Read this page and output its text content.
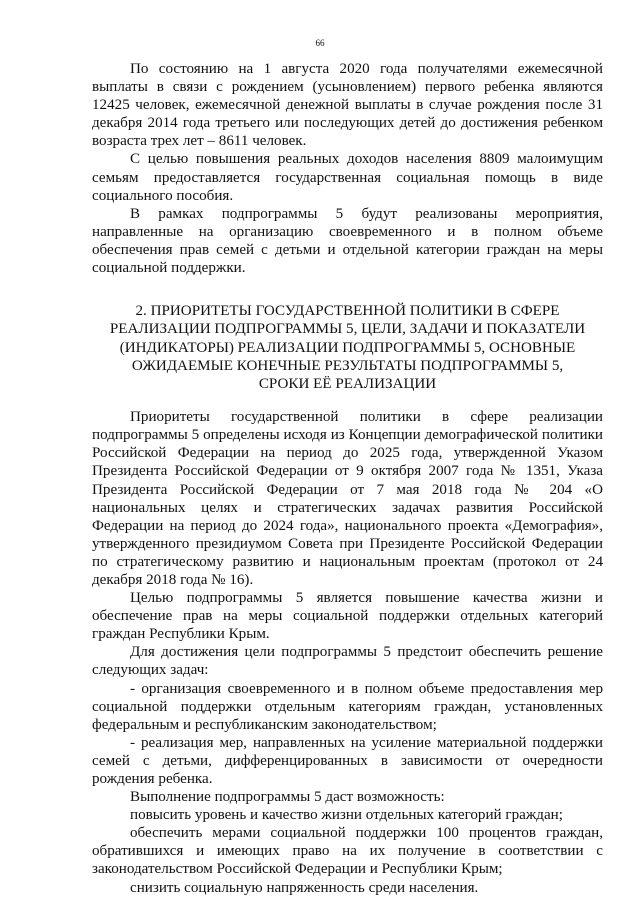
66

По состоянию на 1 августа 2020 года получателями ежемесячной выплаты в связи с рождением (усыновлением) первого ребенка являются 12425 человек, ежемесячной денежной выплаты в случае рождения после 31 декабря 2014 года третьего или последующих детей до достижения ребенком возраста трех лет – 8611 человек.

С целью повышения реальных доходов населения 8809 малоимущим семьям предоставляется государственная социальная помощь в виде социального пособия.

В рамках подпрограммы 5 будут реализованы мероприятия, направленные на организацию своевременного и в полном объеме обеспечения прав семей с детьми и отдельной категории граждан на меры социальной поддержки.

2. ПРИОРИТЕТЫ ГОСУДАРСТВЕННОЙ ПОЛИТИКИ В СФЕРЕ
РЕАЛИЗАЦИИ ПОДПРОГРАММЫ 5, ЦЕЛИ, ЗАДАЧИ И ПОКАЗАТЕЛИ
(ИНДИКАТОРЫ) РЕАЛИЗАЦИИ ПОДПРОГРАММЫ 5, ОСНОВНЫЕ
ОЖИДАЕМЫЕ КОНЕЧНЫЕ РЕЗУЛЬТАТЫ ПОДПРОГРАММЫ 5,
СРОКИ ЕЁ РЕАЛИЗАЦИИ

Приоритеты государственной политики в сфере реализации подпрограммы 5 определены исходя из Концепции демографической политики Российской Федерации на период до 2025 года, утвержденной Указом Президента Российской Федерации от 9 октября 2007 года № 1351, Указа Президента Российской Федерации от 7 мая 2018 года № 204 «О национальных целях и стратегических задачах развития Российской Федерации на период до 2024 года», национального проекта «Демография», утвержденного президиумом Совета при Президенте Российской Федерации по стратегическому развитию и национальным проектам (протокол от 24 декабря 2018 года № 16).

Целью подпрограммы 5 является повышение качества жизни и обеспечение прав на меры социальной поддержки отдельных категорий граждан Республики Крым.

Для достижения цели подпрограммы 5 предстоит обеспечить решение следующих задач:

- организация своевременного и в полном объеме предоставления мер социальной поддержки отдельным категориям граждан, установленных федеральным и республиканским законодательством;

- реализация мер, направленных на усиление материальной поддержки семей с детьми, дифференцированных в зависимости от очередности рождения ребенка.

Выполнение подпрограммы 5 даст возможность:

повысить уровень и качество жизни отдельных категорий граждан;

обеспечить мерами социальной поддержки 100 процентов граждан, обратившихся и имеющих право на их получение в соответствии с законодательством Российской Федерации и Республики Крым;

снизить социальную напряженность среди населения.
